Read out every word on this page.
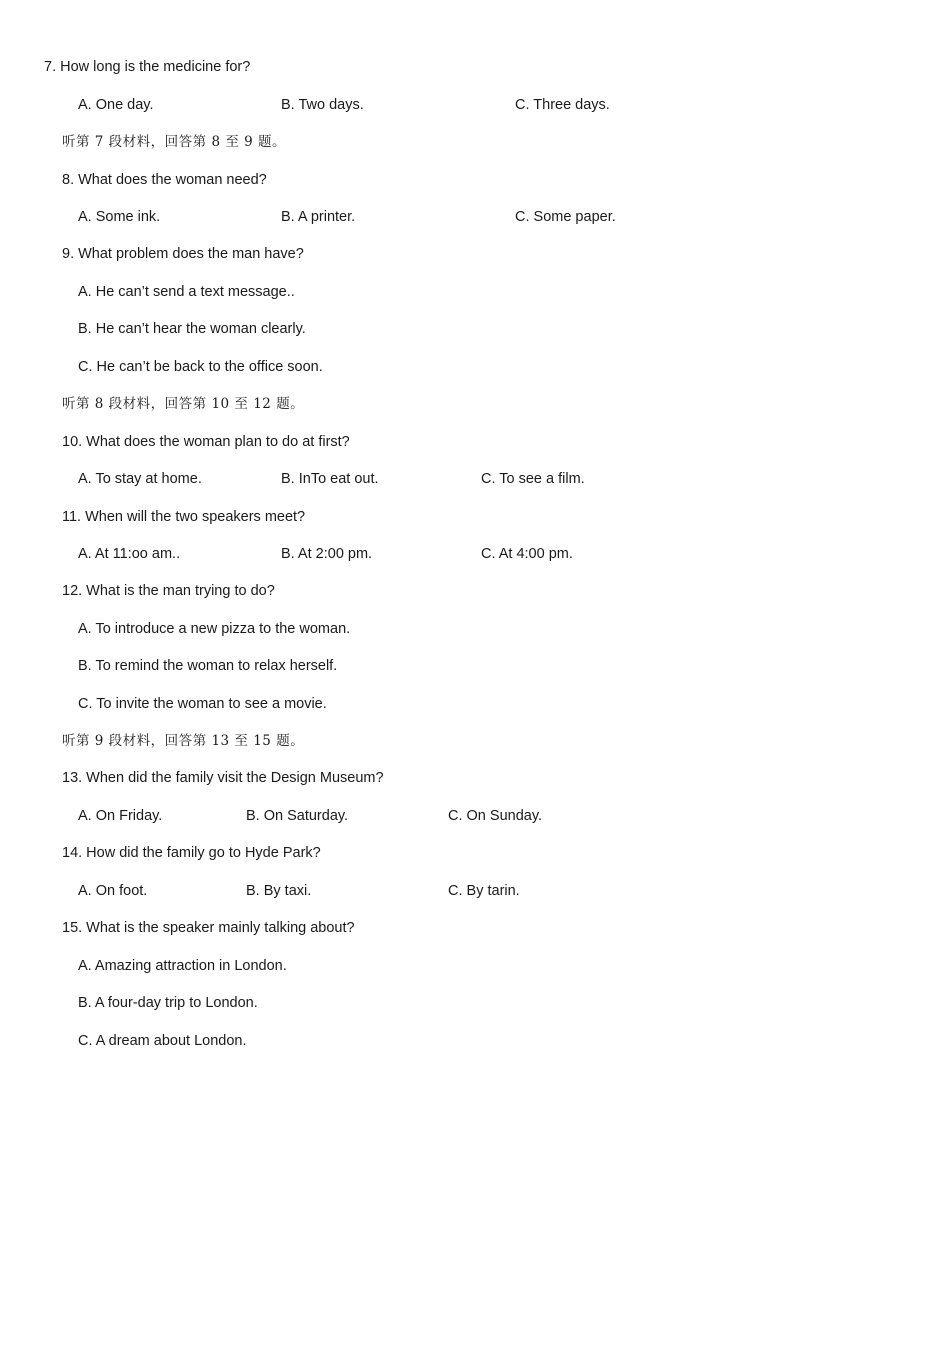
7. How long is the medicine for?
A. One day.	B. Two days.	C. Three days.
听第 7 段材料，回答第 8 至 9 题。
8. What does the woman need?
A. Some ink.	B. A printer.	C. Some paper.
9. What problem does the man have?
A. He can’t send a text message..
B. He can’t hear the woman clearly.
C. He can’t be back to the office soon.
听第 8 段材料，回答第 10 至 12 题。
10. What does the woman plan to do at first?
A. To stay at home.	B. InTo eat out.	C. To see a film.
11. When will the two speakers meet?
A. At 11:oo am..	B. At 2:00 pm.	C. At 4:00 pm.
12. What is the man trying to do?
A. To introduce a new pizza to the woman.
B. To remind the woman to relax herself.
C. To invite the woman to see a movie.
听第 9 段材料，回答第 13 至 15 题。
13. When did the family visit the Design Museum?
A. On Friday.	B. On Saturday.	C. On Sunday.
14. How did the family go to Hyde Park?
A. On foot.	B. By taxi.	C. By tarin.
15. What is the speaker mainly talking about?
A. Amazing attraction in London.
B. A four-day trip to London.
C. A dream about London.
